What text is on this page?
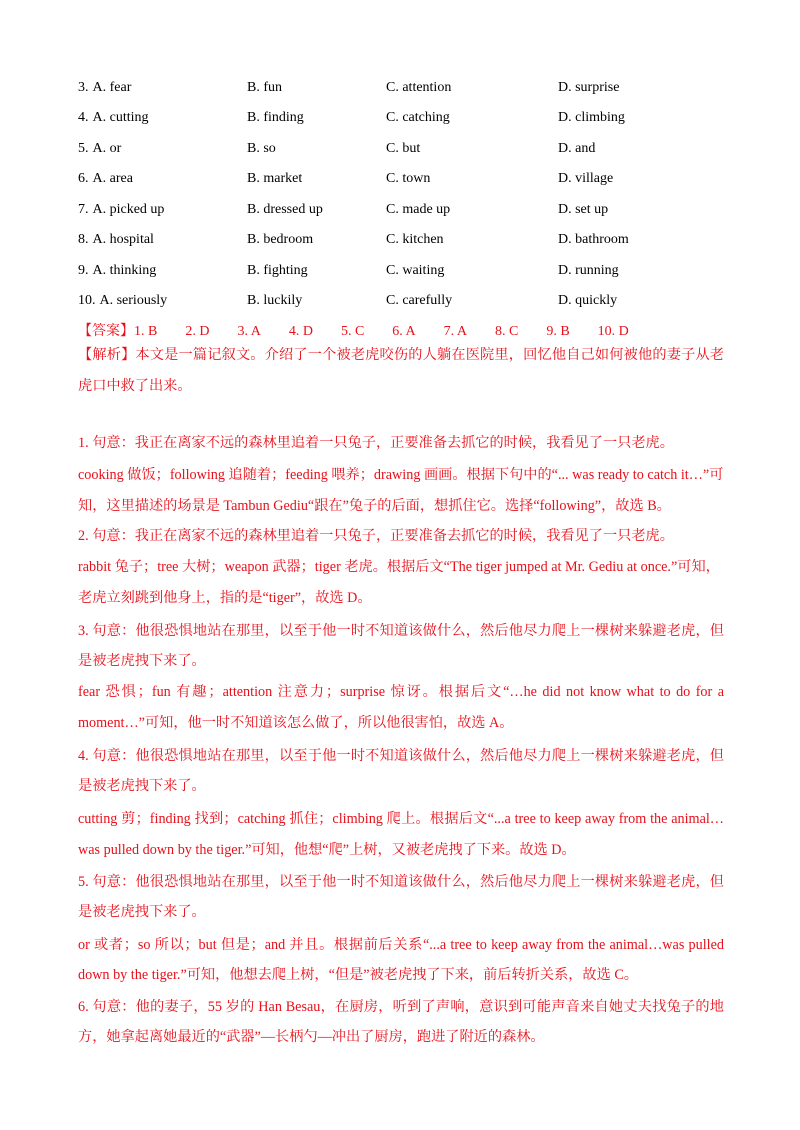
3. A. fear	B. fun	C. attention	D. surprise
4. A. cutting	B. finding	C. catching	D. climbing
5. A. or	B. so	C. but	D. and
6. A. area	B. market	C. town	D. village
7. A. picked up	B. dressed up	C. made up	D. set up
8. A. hospital	B. bedroom	C. kitchen	D. bathroom
9. A. thinking	B. fighting	C. waiting	D. running
10. A. seriously	B. luckily	C. carefully	D. quickly
【答案】1. B 2. D 3. A 4. D 5. C 6. A 7. A 8. C 9. B 10. D
【解析】本文是一篇记叙文。介绍了一个被老虎咬伤的人躺在医院里，回忆他自己如何被他的妻子从老
虎口中救了出来。
1. 句意：我正在离家不远的森林里追着一只兔子，正要准备去抓它的时候，我看见了一只老虎。
cooking 做饭；following 追随着；feeding 喂养；drawing 画画。根据下句中的“... was ready to catch it…”可
知，这里描述的场景是 Tambun Gediu“跟在”兔子的后面，想抓住它。选择“following”，故选 B。
2. 句意：我正在离家不远的森林里追着一只兔子，正要准备去抓它的时候，我看见了一只老虎。
rabbit 兔子；tree 大树；weapon 武器；tiger 老虎。根据后文“The tiger jumped at Mr. Gediu at once.”可知，
老虎立刻跳到他身上，指的是“tiger”，故选 D。
3. 句意：他很恐惧地站在那里，以至于他一时不知道该做什么，然后他尽力爬上一棵树来躲避老虎，但
是被老虎拽下来了。
fear 恐惧；fun 有趣；attention 注意力；surprise 惊讶。根据后文“…he did not know what to do for a
moment…”可知，他一时不知道该怎么做了，所以他很害怕，故选 A。
4. 句意：他很恐惧地站在那里，以至于他一时不知道该做什么，然后他尽力爬上一棵树来躲避老虎，但
是被老虎拽下来了。
cutting 剪；finding 找到；catching 抓住；climbing 爬上。根据后文“...a tree to keep away from the animal…
was pulled down by the tiger.”可知，他想“爬”上树，又被老虎拽了下来。故选 D。
5. 句意：他很恐惧地站在那里，以至于他一时不知道该做什么，然后他尽力爬上一棵树来躲避老虎，但
是被老虎拽下来了。
or 或者；so 所以；but 但是；and 并且。根据前后关系“...a tree to keep away from the animal…was pulled
down by the tiger.”可知，他想去爬上树，“但是”被老虎拽了下来，前后转折关系，故选 C。
6. 句意：他的妻子，55 岁的 Han Besau，在厨房，听到了声响，意识到可能声音来自她丈夫找兔子的地
方，她拿起离她最近的“武器”—长柄勺—冲出了厨房，跑进了附近的森林。
